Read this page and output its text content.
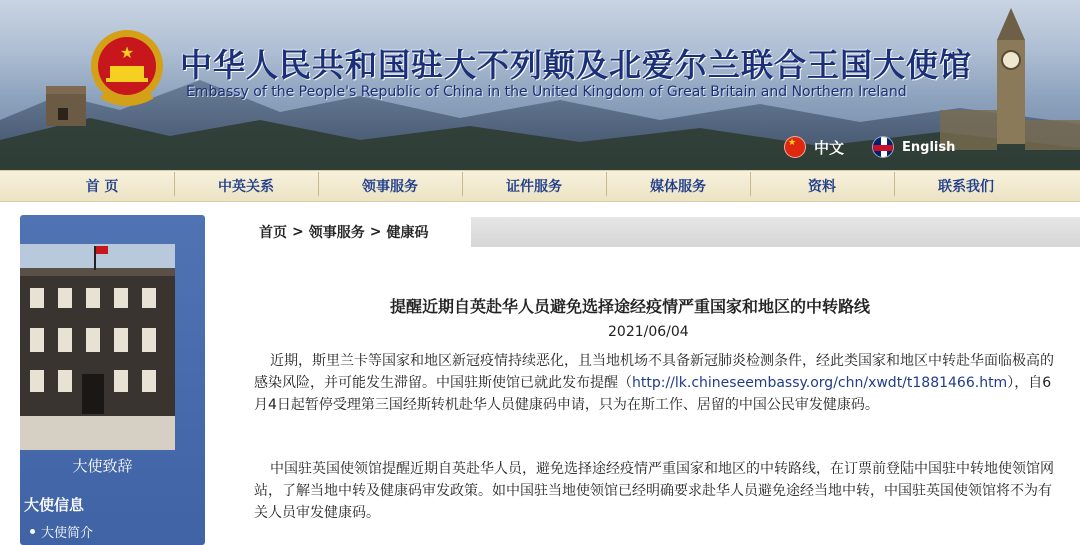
★ 中华人民共和国驻大不列颠及北爱尔兰联合王国大使馆
Embassy of the People's Republic of China in the United Kingdom of Great Britain and Northern Ireland
★
中文	English
首 页	中英关系	领事服务	证件服务	媒体服务	资料	联系我们
大使致辞
大使信息
大使简介
首页 > 领事服务 > 健康码
提醒近期自英赴华人员避免选择途经疫情严重国家和地区的中转路线
2021/06/04
近期，斯里兰卡等国家和地区新冠疫情持续恶化，且当地机场不具备新冠肺炎检测条件，经此类国家和地区中转赴华面临极高的感染风险，并可能发生滞留。中国驻斯使馆已就此发布提醒（http://lk.chineseembassy.org/chn/xwdt/t1881466.htm），自6月4日起暂停受理第三国经斯转机赴华人员健康码申请，只为在斯工作、居留的中国公民审发健康码。
中国驻英国使领馆提醒近期自英赴华人员，避免选择途经疫情严重国家和地区的中转路线，在订票前登陆中国驻中转地使领馆网站，了解当地中转及健康码审发政策。如中国驻当地使领馆已经明确要求赴华人员避免途经当地中转，中国驻英国使领馆将不为有关人员审发健康码。
